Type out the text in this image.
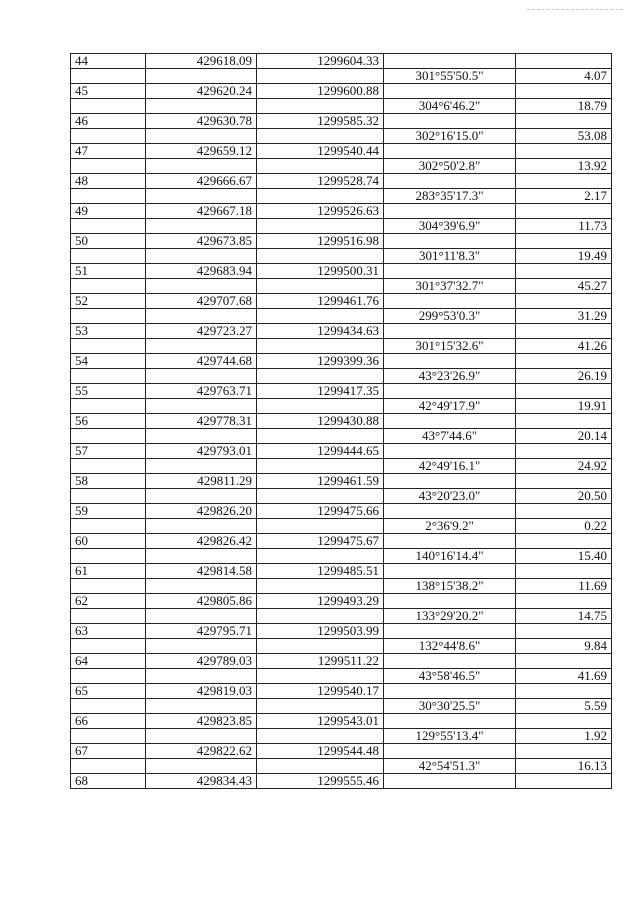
44	429618.09	1299604.33		
			301°55'50.5"	4.07
45	429620.24	1299600.88		
			304°6'46.2"	18.79
46	429630.78	1299585.32		
			302°16'15.0"	53.08
47	429659.12	1299540.44		
			302°50'2.8"	13.92
48	429666.67	1299528.74		
			283°35'17.3"	2.17
49	429667.18	1299526.63		
			304°39'6.9"	11.73
50	429673.85	1299516.98		
			301°11'8.3"	19.49
51	429683.94	1299500.31		
			301°37'32.7"	45.27
52	429707.68	1299461.76		
			299°53'0.3"	31.29
53	429723.27	1299434.63		
			301°15'32.6"	41.26
54	429744.68	1299399.36		
			43°23'26.9"	26.19
55	429763.71	1299417.35		
			42°49'17.9"	19.91
56	429778.31	1299430.88		
			43°7'44.6"	20.14
57	429793.01	1299444.65		
			42°49'16.1"	24.92
58	429811.29	1299461.59		
			43°20'23.0"	20.50
59	429826.20	1299475.66		
			2°36'9.2"	0.22
60	429826.42	1299475.67		
			140°16'14.4"	15.40
61	429814.58	1299485.51		
			138°15'38.2"	11.69
62	429805.86	1299493.29		
			133°29'20.2"	14.75
63	429795.71	1299503.99		
			132°44'8.6"	9.84
64	429789.03	1299511.22		
			43°58'46.5"	41.69
65	429819.03	1299540.17		
			30°30'25.5"	5.59
66	429823.85	1299543.01		
			129°55'13.4"	1.92
67	429822.62	1299544.48		
			42°54'51.3"	16.13
68	429834.43	1299555.46		
